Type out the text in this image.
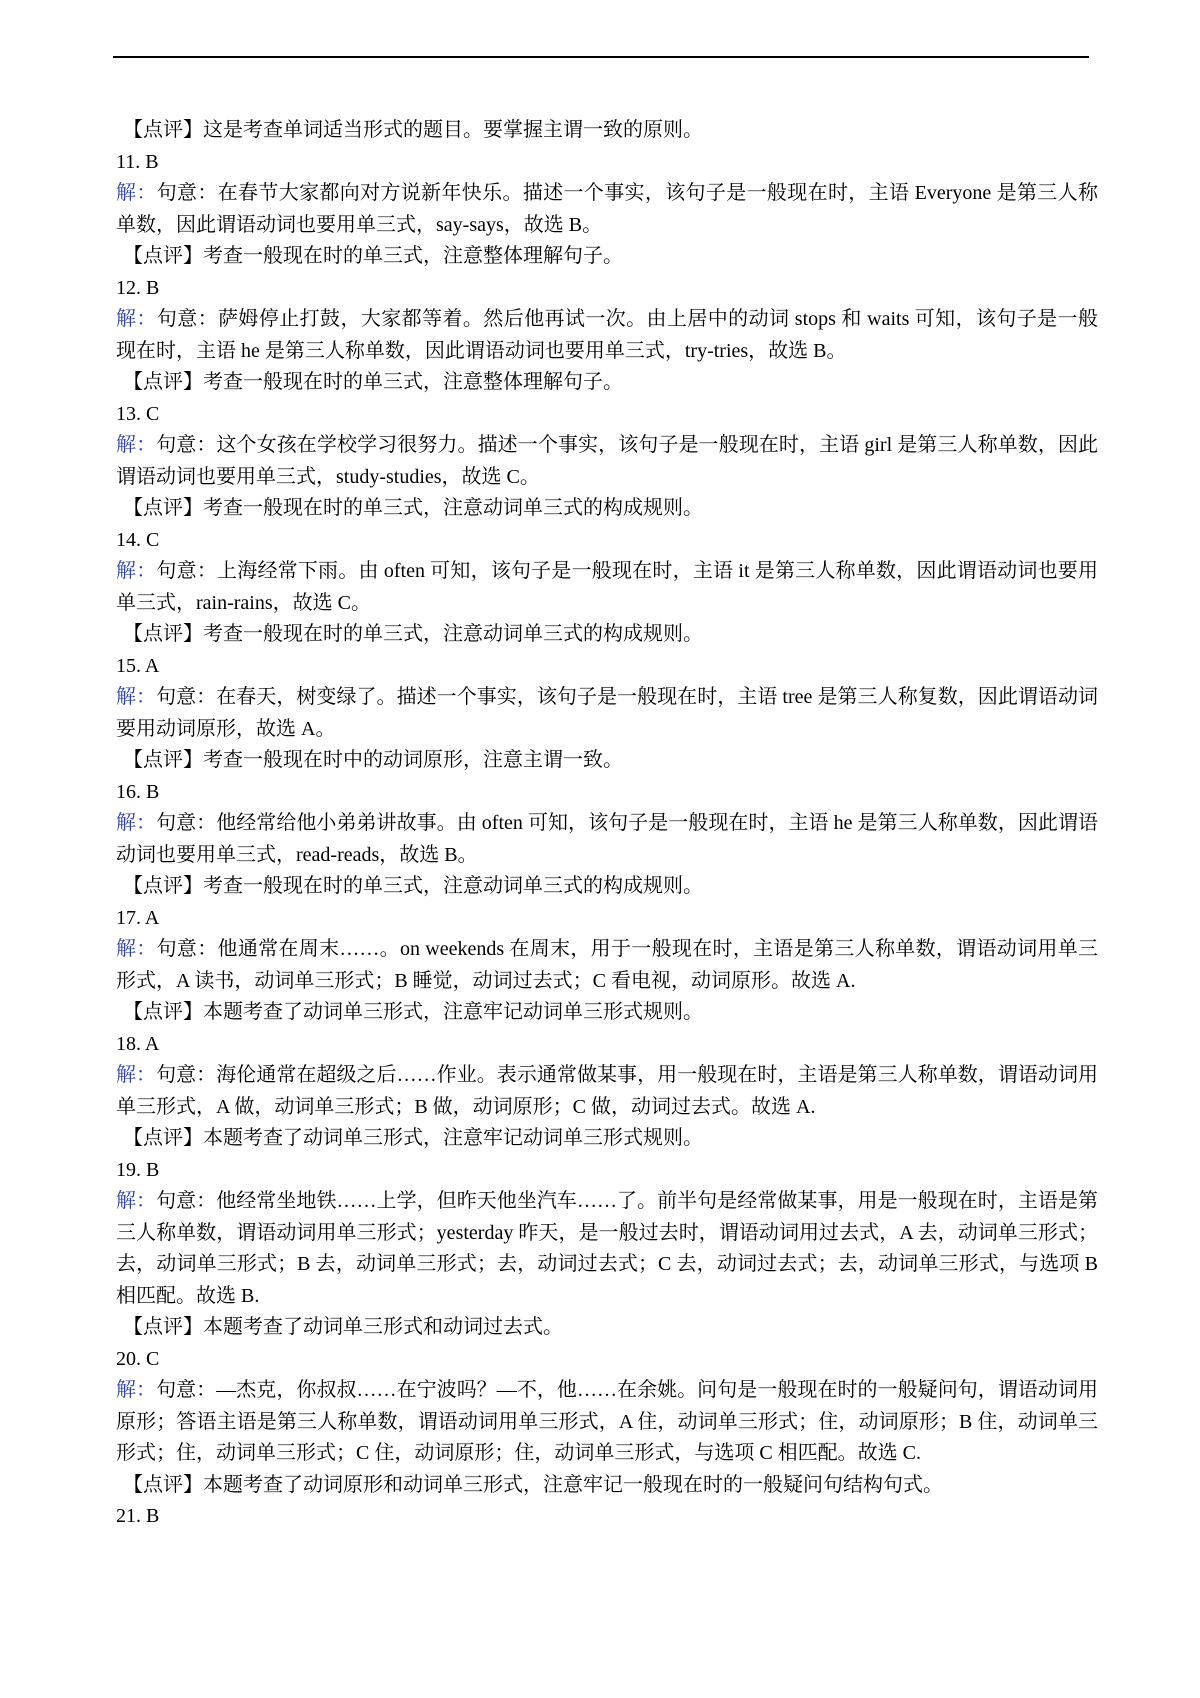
【点评】这是考查单词适当形式的题目。要掌握主谓一致的原则。

11. B

解：句意：在春节大家都向对方说新年快乐。描述一个事实，该句子是一般现在时，主语 Everyone 是第三人称单数，因此谓语动词也要用单三式，say-says，故选 B。

【点评】考查一般现在时的单三式，注意整体理解句子。

12. B

解：句意：萨姆停止打鼓，大家都等着。然后他再试一次。由上居中的动词 stops 和 waits 可知，该句子是一般现在时，主语 he 是第三人称单数，因此谓语动词也要用单三式，try-tries，故选 B。

【点评】考查一般现在时的单三式，注意整体理解句子。

13. C

解：句意：这个女孩在学校学习很努力。描述一个事实，该句子是一般现在时，主语 girl 是第三人称单数，因此谓语动词也要用单三式，study-studies，故选 C。

【点评】考查一般现在时的单三式，注意动词单三式的构成规则。

14. C

解：句意：上海经常下雨。由 often 可知，该句子是一般现在时，主语 it 是第三人称单数，因此谓语动词也要用单三式，rain-rains，故选 C。

【点评】考查一般现在时的单三式，注意动词单三式的构成规则。

15. A

解：句意：在春天，树变绿了。描述一个事实，该句子是一般现在时，主语 tree 是第三人称复数，因此谓语动词要用动词原形，故选 A。

【点评】考查一般现在时中的动词原形，注意主谓一致。

16. B

解：句意：他经常给他小弟弟讲故事。由 often 可知，该句子是一般现在时，主语 he 是第三人称单数，因此谓语动词也要用单三式，read-reads，故选 B。

【点评】考查一般现在时的单三式，注意动词单三式的构成规则。

17. A

解：句意：他通常在周末……。on weekends 在周末，用于一般现在时，主语是第三人称单数，谓语动词用单三形式，A 读书，动词单三形式；B 睡觉，动词过去式；C 看电视，动词原形。故选 A.

【点评】本题考查了动词单三形式，注意牢记动词单三形式规则。

18. A

解：句意：海伦通常在超级之后……作业。表示通常做某事，用一般现在时，主语是第三人称单数，谓语动词用单三形式，A 做，动词单三形式；B 做，动词原形；C 做，动词过去式。故选 A.

【点评】本题考查了动词单三形式，注意牢记动词单三形式规则。

19. B

解：句意：他经常坐地铁……上学，但昨天他坐汽车……了。前半句是经常做某事，用是一般现在时，主语是第三人称单数，谓语动词用单三形式；yesterday 昨天，是一般过去时，谓语动词用过去式，A 去，动词单三形式；去，动词单三形式；B 去，动词单三形式；去，动词过去式；C 去，动词过去式；去，动词单三形式，与选项 B 相匹配。故选 B.

【点评】本题考查了动词单三形式和动词过去式。

20. C

解：句意：—杰克，你叔叔……在宁波吗？—不，他……在余姚。问句是一般现在时的一般疑问句，谓语动词用原形；答语主语是第三人称单数，谓语动词用单三形式，A 住，动词单三形式；住，动词原形；B 住，动词单三形式；住，动词单三形式；C 住，动词原形；住，动词单三形式，与选项 C 相匹配。故选 C.

【点评】本题考查了动词原形和动词单三形式，注意牢记一般现在时的一般疑问句结构句式。

21. B
